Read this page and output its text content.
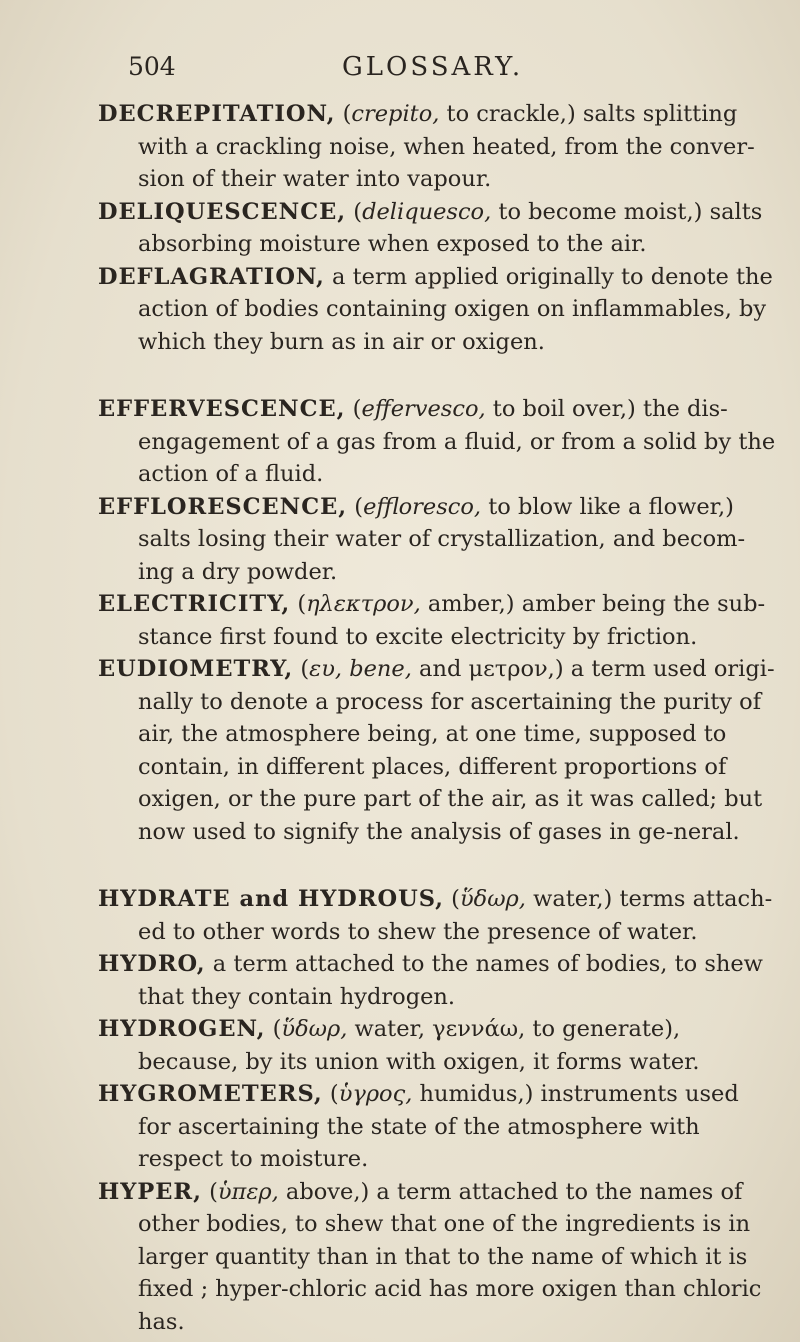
504	GLOSSARY.

DECREPITATION, (crepito, to crackle,) salts splitting with a crackling noise, when heated, from the conver-sion of their water into vapour.

DELIQUESCENCE, (deliquesco, to become moist,) salts absorbing moisture when exposed to the air.

DEFLAGRATION, a term applied originally to denote the action of bodies containing oxigen on inflammables, by which they burn as in air or oxigen.

EFFERVESCENCE, (effervesco, to boil over,) the dis-engagement of a gas from a fluid, or from a solid by the action of a fluid.

EFFLORESCENCE, (effloresco, to blow like a flower,) salts losing their water of crystallization, and becom-ing a dry powder.

ELECTRICITY, (ηλεκτρον, amber,) amber being the sub-stance first found to excite electricity by friction.

EUDIOMETRY, (ευ, bene, and μετρον,) a term used origi-nally to denote a process for ascertaining the purity of air, the atmosphere being, at one time, supposed to contain, in different places, different proportions of oxigen, or the pure part of the air, as it was called; but now used to signify the analysis of gases in ge-neral.

HYDRATE and HYDROUS, (ὕδωρ, water,) terms attach-ed to other words to shew the presence of water.

HYDRO, a term attached to the names of bodies, to shew that they contain hydrogen.

HYDROGEN, (ὕδωρ, water, γεννάω, to generate), because, by its union with oxigen, it forms water.

HYGROMETERS, (ὑγρος, humidus,) instruments used for ascertaining the state of the atmosphere with respect to moisture.

HYPER, (ὑπερ, above,) a term attached to the names of other bodies, to shew that one of the ingredients is in larger quantity than in that to the name of which it is fixed ; hyper-chloric acid has more oxigen than chloric has.
